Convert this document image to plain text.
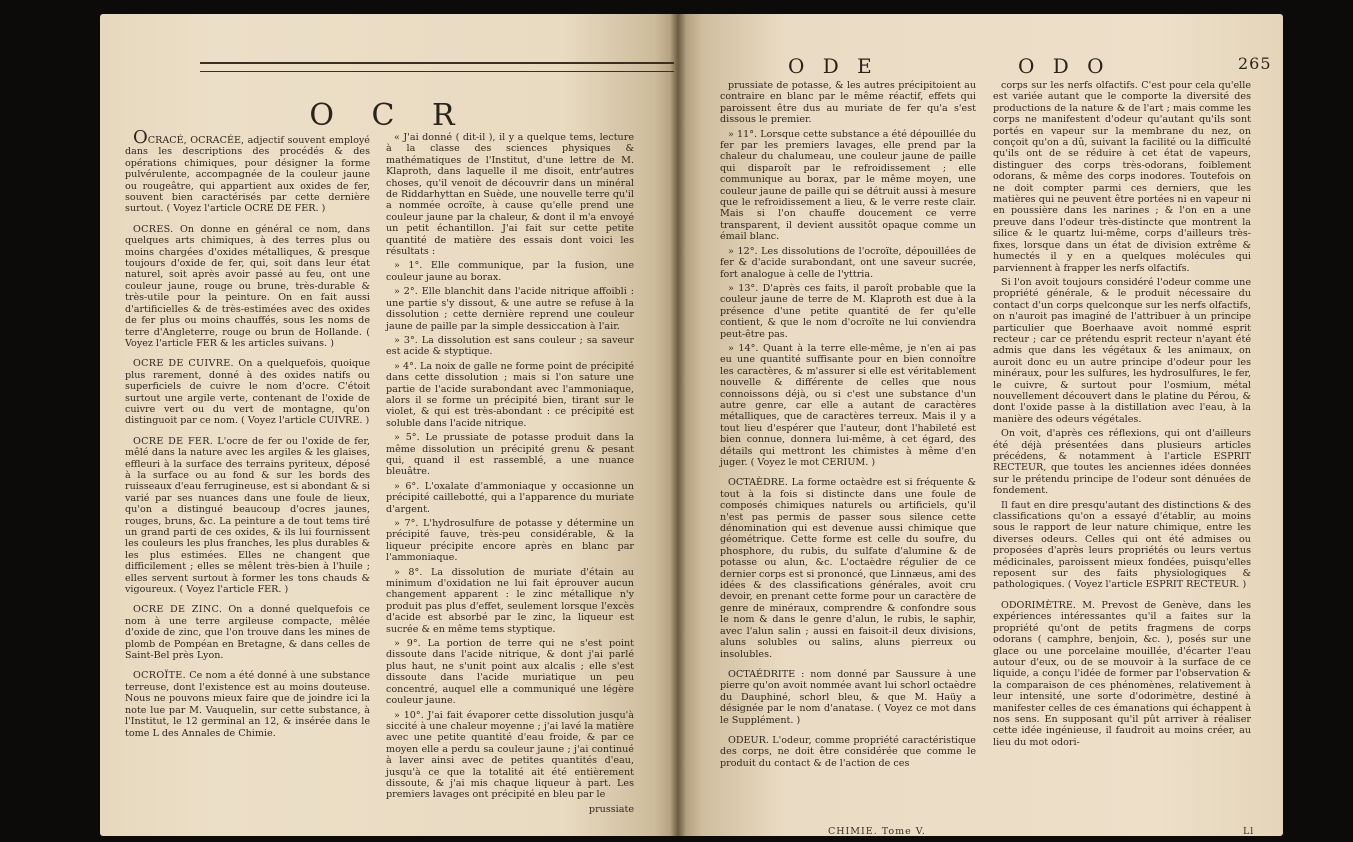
O C R

OCRACÉ, OCRACÉE, adjectif souvent employé dans les descriptions des procédés & des opérations chimiques, pour désigner la forme pulvérulente, accompagnée de la couleur jaune ou rougeâtre, qui appartient aux oxides de fer, souvent bien caractérisés par cette dernière surtout. ( Voyez l'article OCRE DE FER. )

OCRES. On donne en général ce nom, dans quelques arts chimiques, à des terres plus ou moins chargées d'oxides métalliques, & presque toujours d'oxide de fer, qui, soit dans leur état naturel, soit après avoir passé au feu, ont une couleur jaune, rouge ou brune, très-durable & très-utile pour la peinture. On en fait aussi d'artificielles & de très-estimées avec des oxides de fer plus ou moins chauffés, sous les noms de terre d'Angleterre, rouge ou brun de Hollande. ( Voyez l'article FER & les articles suivans. )

OCRE DE CUIVRE. On a quelquefois, quoique plus rarement, donné à des oxides natifs ou superficiels de cuivre le nom d'ocre. C'étoit surtout une argile verte, contenant de l'oxide de cuivre vert ou du vert de montagne, qu'on distinguoit par ce nom. ( Voyez l'article CUIVRE. )

OCRE DE FER. L'ocre de fer ou l'oxide de fer, mêlé dans la nature avec les argiles & les glaises, effleuri à la surface des terrains pyriteux, déposé à la surface ou au fond & sur les bords des ruisseaux d'eau ferrugineuse, est si abondant & si varié par ses nuances dans une foule de lieux, qu'on a distingué beaucoup d'ocres jaunes, rouges, bruns, &c. La peinture a de tout tems tiré un grand parti de ces oxides, & ils lui fournissent les couleurs les plus franches, les plus durables & les plus estimées. Elles ne changent que difficilement ; elles se mêlent très-bien à l'huile ; elles servent surtout à former les tons chauds & vigoureux. ( Voyez l'article FER. )

OCRE DE ZINC. On a donné quelquefois ce nom à une terre argileuse compacte, mêlée d'oxide de zinc, que l'on trouve dans les mines de plomb de Pompéan en Bretagne, & dans celles de Saint-Bel près Lyon.

OCROÏTE. Ce nom a été donné à une substance terreuse, dont l'existence est au moins douteuse. Nous ne pouvons mieux faire que de joindre ici la note lue par M. Vauquelin, sur cette substance, à l'Institut, le 12 germinal an 12, & insérée dans le tome L des Annales de Chimie.

« J'ai donné ( dit-il ), il y a quelque tems, lecture à la classe des sciences physiques & mathématiques de l'Institut, d'une lettre de M. Klaproth, dans laquelle il me disoit, entr'autres choses, qu'il venoit de découvrir dans un minéral de Riddarhyttan en Suède, une nouvelle terre qu'il a nommée ocroïte, à cause qu'elle prend une couleur jaune par la chaleur, & dont il m'a envoyé un petit échantillon. J'ai fait sur cette petite quantité de matière des essais dont voici les résultats :

» 1°. Elle communique, par la fusion, une couleur jaune au borax.

» 2°. Elle blanchit dans l'acide nitrique affoibli : une partie s'y dissout, & une autre se refuse à la dissolution ; cette dernière reprend une couleur jaune de paille par la simple dessiccation à l'air.

» 3°. La dissolution est sans couleur ; sa saveur est acide & styptique.

» 4°. La noix de galle ne forme point de précipité dans cette dissolution ; mais si l'on sature une partie de l'acide surabondant avec l'ammoniaque, alors il se forme un précipité bien, tirant sur le violet, & qui est très-abondant : ce précipité est soluble dans l'acide nitrique.

» 5°. Le prussiate de potasse produit dans la même dissolution un précipité grenu & pesant qui, quand il est rassemblé, a une nuance bleuâtre.

» 6°. L'oxalate d'ammoniaque y occasionne un précipité caillebotté, qui a l'apparence du muriate d'argent.

» 7°. L'hydrosulfure de potasse y détermine un précipité fauve, très-peu considérable, & la liqueur précipite encore après en blanc par l'ammoniaque.

» 8°. La dissolution de muriate d'étain au minimum d'oxidation ne lui fait éprouver aucun changement apparent : le zinc métallique n'y produit pas plus d'effet, seulement lorsque l'excès d'acide est absorbé par le zinc, la liqueur est sucrée & en même tems styptique.

» 9°. La portion de terre qui ne s'est point dissoute dans l'acide nitrique, & dont j'ai parlé plus haut, ne s'unit point aux alcalis ; elle s'est dissoute dans l'acide muriatique un peu concentré, auquel elle a communiqué une légère couleur jaune.

» 10°. J'ai fait évaporer cette dissolution jusqu'à siccité à une chaleur moyenne ; j'ai lavé la matière avec une petite quantité d'eau froide, & par ce moyen elle a perdu sa couleur jaune ; j'ai continué à laver ainsi avec de petites quantités d'eau, jusqu'à ce que la totalité ait été entièrement dissoute, & j'ai mis chaque liqueur à part. Les premiers lavages ont précipité en bleu par le

prussiate
O D E	O D O	265

prussiate de potasse, & les autres précipitoient au contraire en blanc par le même réactif, effets qui paroissent être dus au muriate de fer qu'a s'est dissous le premier.

» 11°. Lorsque cette substance a été dépouillée du fer par les premiers lavages, elle prend par la chaleur du chalumeau, une couleur jaune de paille qui disparoît par le refroidissement ; elle communique au borax, par le même moyen, une couleur jaune de paille qui se détruit aussi à mesure que le refroidissement a lieu, & le verre reste clair. Mais si l'on chauffe doucement ce verre transparent, il devient aussitôt opaque comme un émail blanc.

» 12°. Les dissolutions de l'ocroïte, dépouillées de fer & d'acide surabondant, ont une saveur sucrée, fort analogue à celle de l'yttria.

» 13°. D'après ces faits, il paroît probable que la couleur jaune de terre de M. Klaproth est due à la présence d'une petite quantité de fer qu'elle contient, & que le nom d'ocroïte ne lui conviendra peut-être pas.

» 14°. Quant à la terre elle-même, je n'en ai pas eu une quantité suffisante pour en bien connoître les caractères, & m'assurer si elle est véritablement nouvelle & différente de celles que nous connoissons déjà, ou si c'est une substance d'un autre genre, car elle a autant de caractères métalliques, que de caractères terreux. Mais il y a tout lieu d'espérer que l'auteur, dont l'habileté est bien connue, donnera lui-même, à cet égard, des détails qui mettront les chimistes à même d'en juger. ( Voyez le mot CERIUM. )

OCTAÈDRE. La forme octaèdre est si fréquente & tout à la fois si distincte dans une foule de composés chimiques naturels ou artificiels, qu'il n'est pas permis de passer sous silence cette dénomination qui est devenue aussi chimique que géométrique. Cette forme est celle du soufre, du phosphore, du rubis, du sulfate d'alumine & de potasse ou alun, &c. L'octaèdre régulier de ce dernier corps est si prononcé, que Linnæus, ami des idées & des classifications générales, avoit cru devoir, en prenant cette forme pour un caractère de genre de minéraux, comprendre & confondre sous le nom & dans le genre d'alun, le rubis, le saphir, avec l'alun salin ; aussi en faisoit-il deux divisions, aluns solubles ou salins, aluns pierreux ou insolubles.

OCTAÉDRITE : nom donné par Saussure à une pierre qu'on avoit nommée avant lui schorl octaèdre du Dauphiné, schorl bleu, & que M. Haüy a désignée par le nom d'anatase. ( Voyez ce mot dans le Supplément. )

ODEUR. L'odeur, comme propriété caractéristique des corps, ne doit être considérée que comme le produit du contact & de l'action de ces

corps sur les nerfs olfactifs. C'est pour cela qu'elle est variée autant que le comporte la diversité des productions de la nature & de l'art ; mais comme les corps ne manifestent d'odeur qu'autant qu'ils sont portés en vapeur sur la membrane du nez, on conçoit qu'on a dû, suivant la facilité ou la difficulté qu'ils ont de se réduire à cet état de vapeurs, distinguer des corps très-odorans, foiblement odorans, & même des corps inodores. Toutefois on ne doit compter parmi ces derniers, que les matières qui ne peuvent être portées ni en vapeur ni en poussière dans les narines ; & l'on en a une preuve dans l'odeur très-distincte que montrent la silice & le quartz lui-même, corps d'ailleurs très-fixes, lorsque dans un état de division extrême & humectés il y en a quelques molécules qui parviennent à frapper les nerfs olfactifs.

Si l'on avoit toujours considéré l'odeur comme une propriété générale, & le produit nécessaire du contact d'un corps quelconque sur les nerfs olfactifs, on n'auroit pas imaginé de l'attribuer à un principe particulier que Boerhaave avoit nommé esprit recteur ; car ce prétendu esprit recteur n'ayant été admis que dans les végétaux & les animaux, on auroit donc eu un autre principe d'odeur pour les minéraux, pour les sulfures, les hydrosulfures, le fer, le cuivre, & surtout pour l'osmium, métal nouvellement découvert dans le platine du Pérou, & dont l'oxide passe à la distillation avec l'eau, à la manière des odeurs végétales.

On voit, d'après ces réflexions, qui ont d'ailleurs été déjà présentées dans plusieurs articles précédens, & notamment à l'article ESPRIT RECTEUR, que toutes les anciennes idées données sur le prétendu principe de l'odeur sont dénuées de fondement.

Il faut en dire presqu'autant des distinctions & des classifications qu'on a essayé d'établir, au moins sous le rapport de leur nature chimique, entre les diverses odeurs. Celles qui ont été admises ou proposées d'après leurs propriétés ou leurs vertus médicinales, paroissent mieux fondées, puisqu'elles reposent sur des faits physiologiques & pathologiques. ( Voyez l'article ESPRIT RECTEUR. )

ODORIMÈTRE. M. Prevost de Genève, dans les expériences intéressantes qu'il a faites sur la propriété qu'ont de petits fragmens de corps odorans ( camphre, benjoin, &c. ), posés sur une glace ou une porcelaine mouillée, d'écarter l'eau autour d'eux, ou de se mouvoir à la surface de ce liquide, a conçu l'idée de former par l'observation & la comparaison de ces phénomènes, relativement à leur intensité, une sorte d'odorimètre, destiné à manifester celles de ces émanations qui échappent à nos sens. En supposant qu'il pût arriver à réaliser cette idée ingénieuse, il faudroit au moins créer, au lieu du mot odori-

CHIMIE. Tome V.	Ll
